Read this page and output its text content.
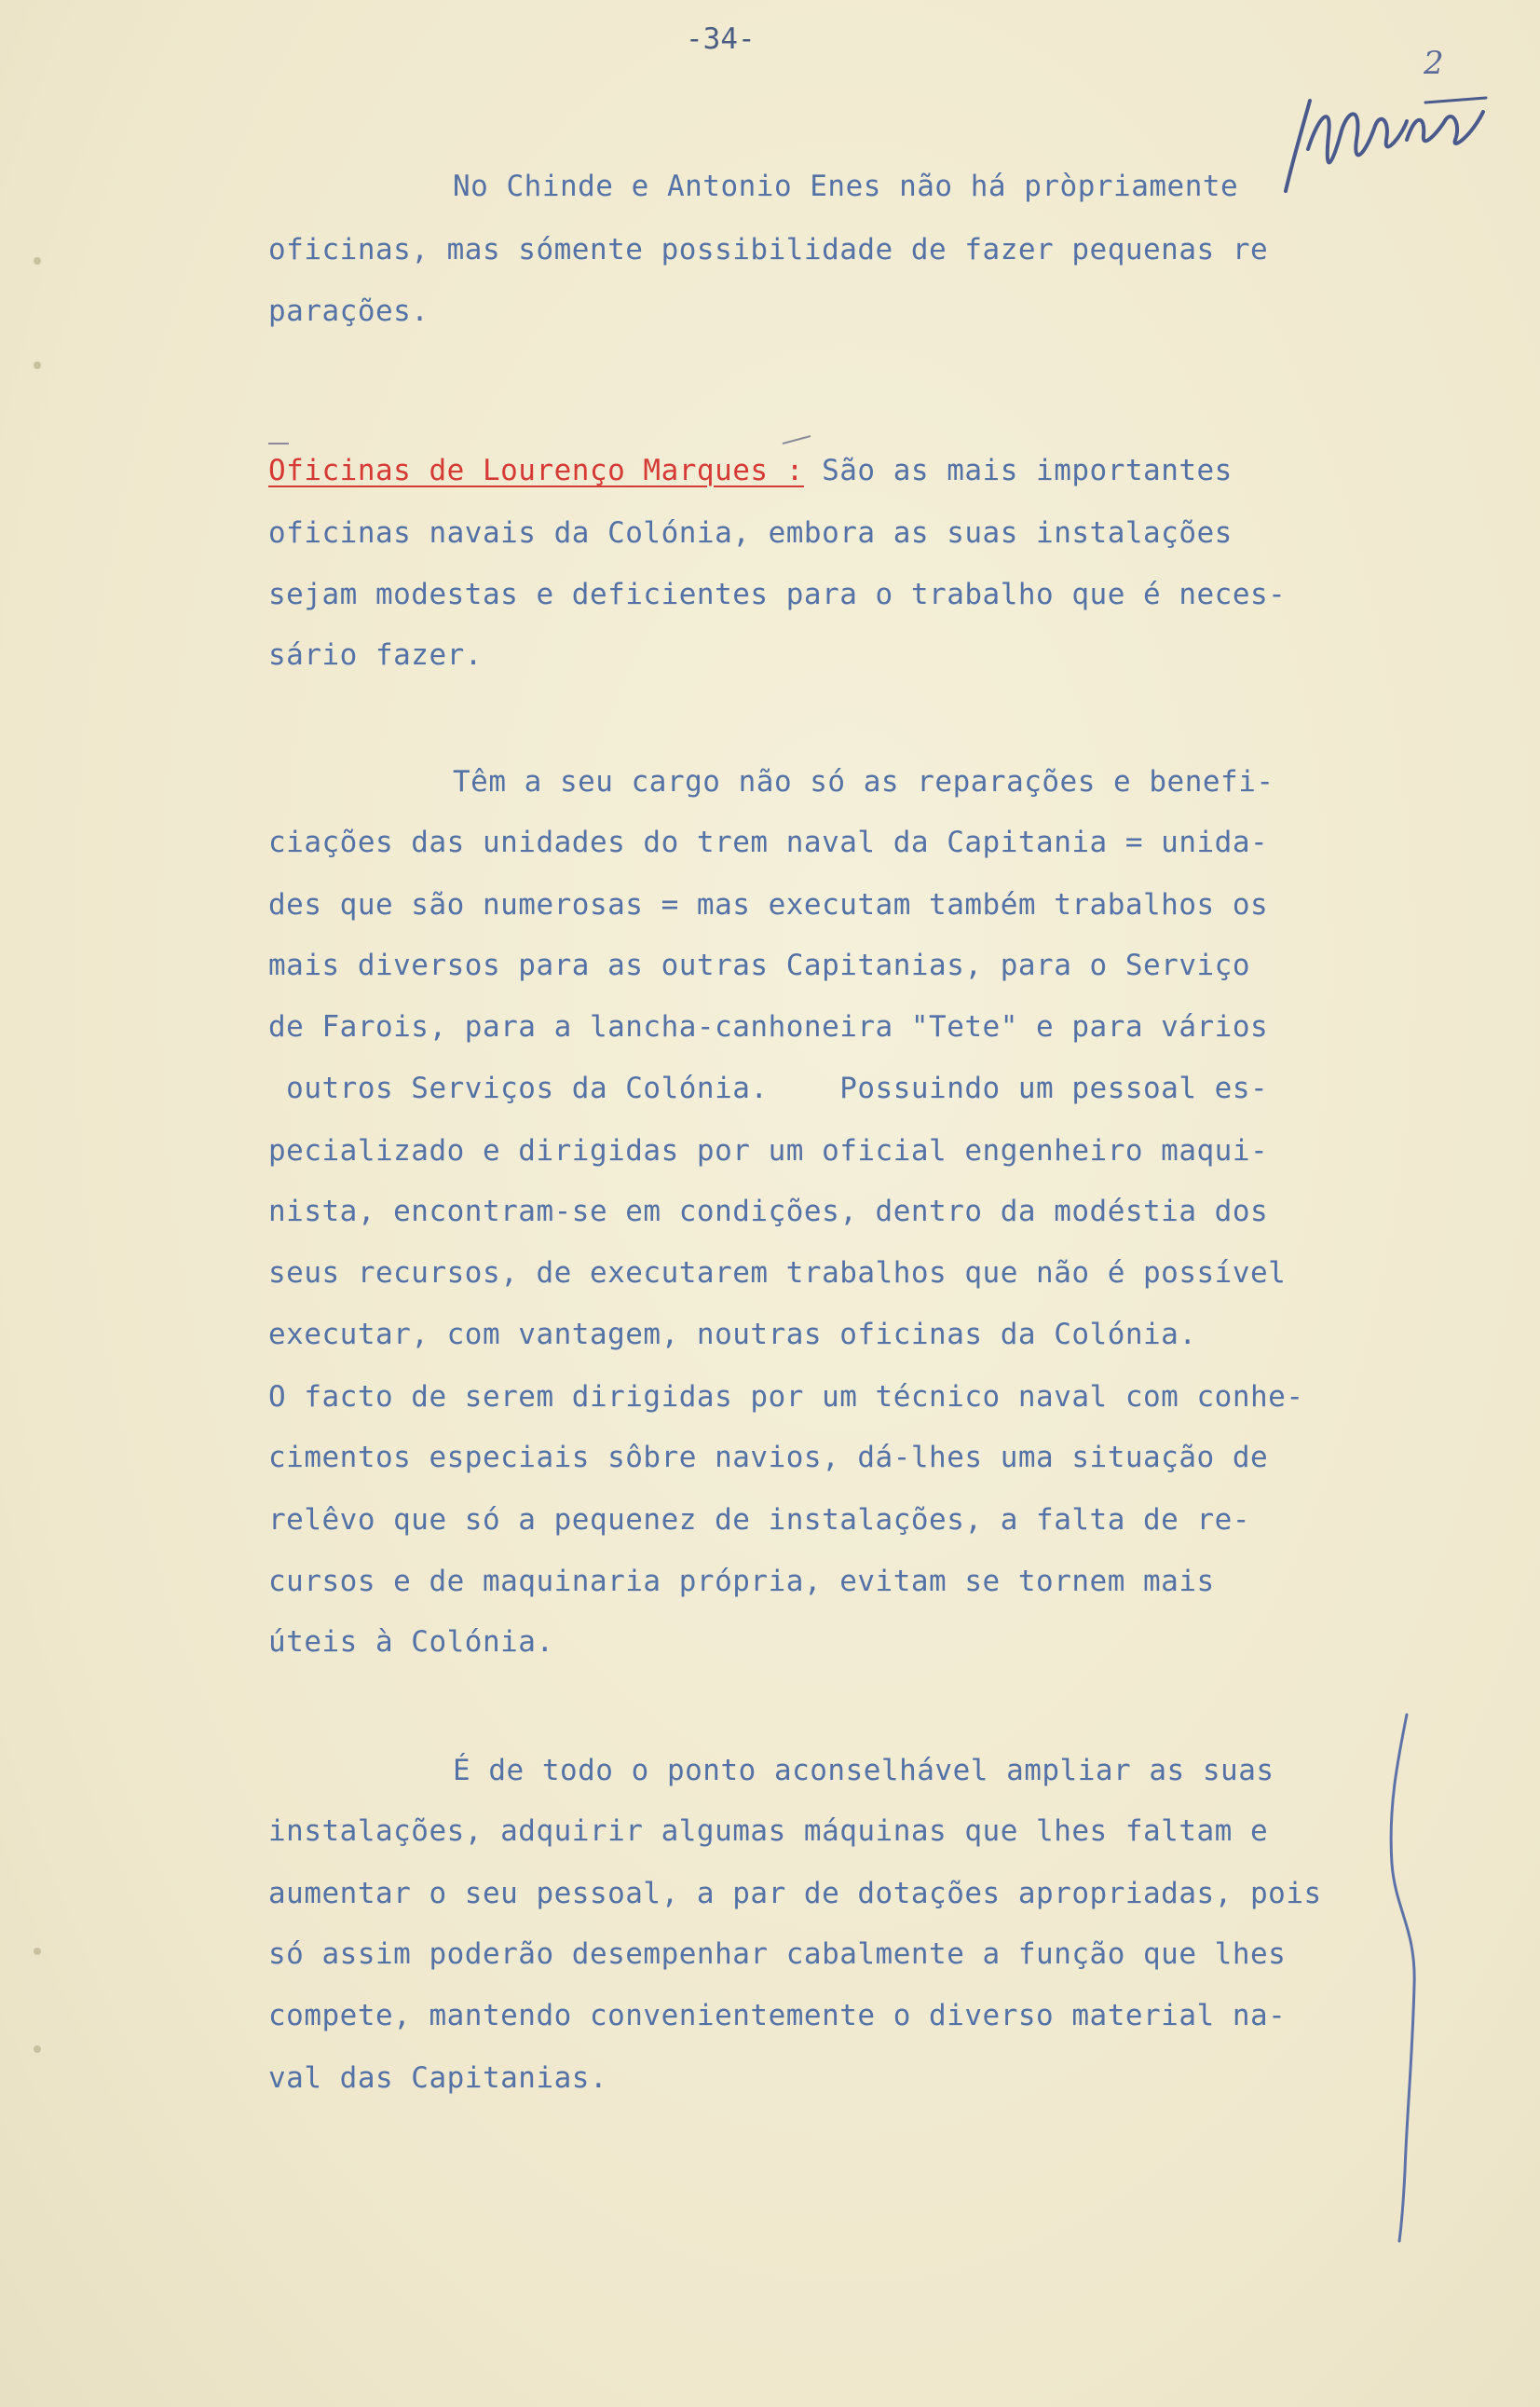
-34-
2
No Chinde e Antonio Enes não há pròpriamente
oficinas, mas sómente possibilidade de fazer pequenas re
parações.
Oficinas de Lourenço Marques : São as mais importantes
oficinas navais da Colónia, embora as suas instalações
sejam modestas e deficientes para o trabalho que é neces-
sário fazer.
Têm a seu cargo não só as reparações e benefi-
ciações das unidades do trem naval da Capitania = unida-
des que são numerosas = mas executam também trabalhos os
mais diversos para as outras Capitanias, para o Serviço
de Farois, para a lancha-canhoneira "Tete" e para vários
outros Serviços da Colónia.    Possuindo um pessoal es-
pecializado e dirigidas por um oficial engenheiro maqui-
nista, encontram-se em condições, dentro da modéstia dos
seus recursos, de executarem trabalhos que não é possível
executar, com vantagem, noutras oficinas da Colónia.
O facto de serem dirigidas por um técnico naval com conhe-
cimentos especiais sôbre navios, dá-lhes uma situação de
relêvo que só a pequenez de instalações, a falta de re-
cursos e de maquinaria própria, evitam se tornem mais
úteis à Colónia.
É de todo o ponto aconselhável ampliar as suas
instalações, adquirir algumas máquinas que lhes faltam e
aumentar o seu pessoal, a par de dotações apropriadas, pois
só assim poderão desempenhar cabalmente a função que lhes
compete, mantendo convenientemente o diverso material na-
val das Capitanias.
